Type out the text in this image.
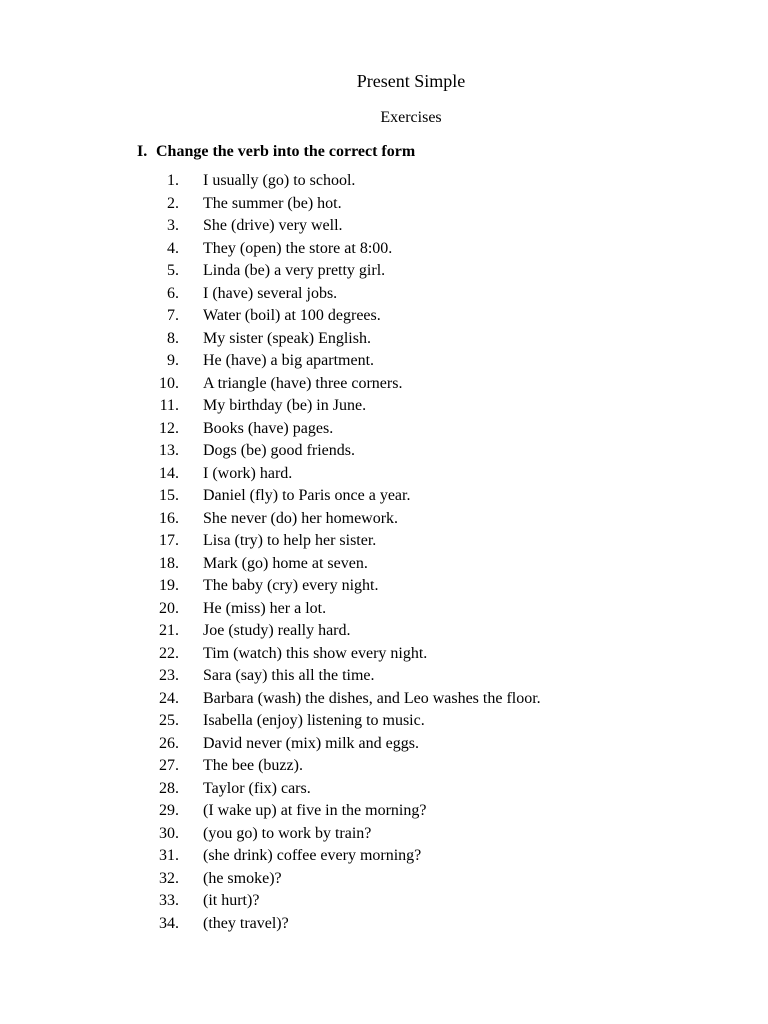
Present Simple
Exercises
I. Change the verb into the correct form
1. I usually (go) to school.
2. The summer (be) hot.
3. She (drive) very well.
4. They (open) the store at 8:00.
5. Linda (be) a very pretty girl.
6. I (have) several jobs.
7. Water (boil) at 100 degrees.
8. My sister (speak) English.
9. He (have) a big apartment.
10. A triangle (have) three corners.
11. My birthday (be) in June.
12. Books (have) pages.
13. Dogs (be) good friends.
14. I (work) hard.
15. Daniel (fly) to Paris once a year.
16. She never (do) her homework.
17. Lisa (try) to help her sister.
18. Mark (go) home at seven.
19. The baby (cry) every night.
20. He (miss) her a lot.
21. Joe (study) really hard.
22. Tim (watch) this show every night.
23. Sara (say) this all the time.
24. Barbara (wash) the dishes, and Leo washes the floor.
25. Isabella (enjoy) listening to music.
26. David never (mix) milk and eggs.
27. The bee (buzz).
28. Taylor (fix) cars.
29. (I wake up) at five in the morning?
30. (you go) to work by train?
31. (she drink) coffee every morning?
32. (he smoke)?
33. (it hurt)?
34. (they travel)?
